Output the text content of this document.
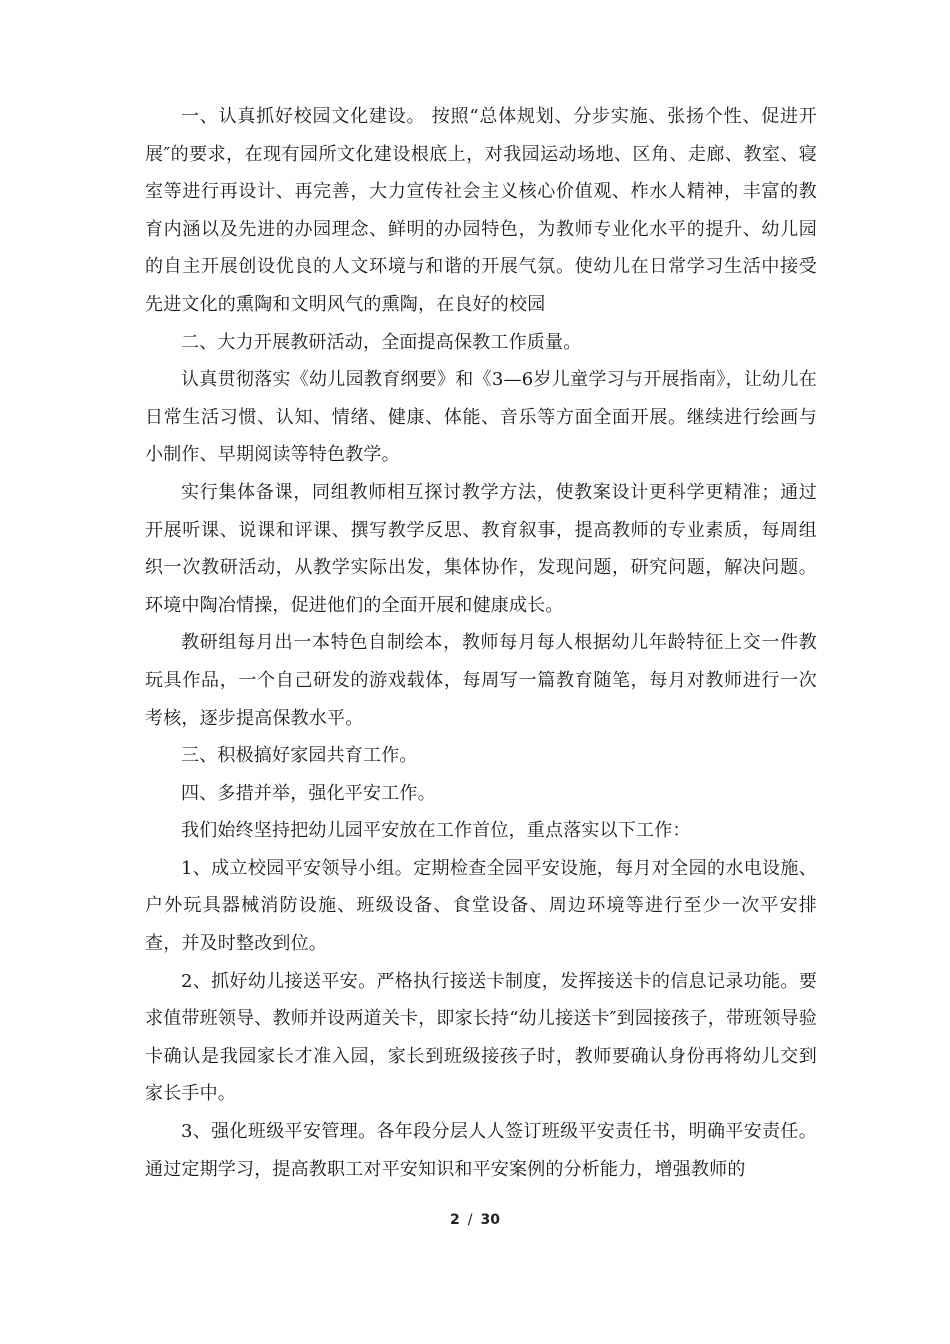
一、认真抓好校园文化建设。 按照“总体规划、分步实施、张扬个性、促进开展″的要求，在现有园所文化建设根底上，对我园运动场地、区角、走廊、教室、寝室等进行再设计、再完善，大力宣传社会主义核心价值观、柞水人精神，丰富的教育内涵以及先进的办园理念、鲜明的办园特色，为教师专业化水平的提升、幼儿园的自主开展创设优良的人文环境与和谐的开展气氛。使幼儿在日常学习生活中接受先进文化的熏陶和文明风气的熏陶，在良好的校园

二、大力开展教研活动，全面提高保教工作质量。

认真贯彻落实《幼儿园教育纲要》和《3—6岁儿童学习与开展指南》，让幼儿在日常生活习惯、认知、情绪、健康、体能、音乐等方面全面开展。继续进行绘画与小制作、早期阅读等特色教学。

实行集体备课，同组教师相互探讨教学方法，使教案设计更科学更精准；通过开展听课、说课和评课、撰写教学反思、教育叙事，提高教师的专业素质，每周组织一次教研活动，从教学实际出发，集体协作，发现问题，研究问题，解决问题。环境中陶冶情操，促进他们的全面开展和健康成长。

教研组每月出一本特色自制绘本，教师每月每人根据幼儿年龄特征上交一件教玩具作品，一个自己研发的游戏载体，每周写一篇教育随笔，每月对教师进行一次考核，逐步提高保教水平。

三、积极搞好家园共育工作。

四、多措并举，强化平安工作。

我们始终坚持把幼儿园平安放在工作首位，重点落实以下工作：

1、成立校园平安领导小组。定期检查全园平安设施，每月对全园的水电设施、户外玩具器械消防设施、班级设备、食堂设备、周边环境等进行至少一次平安排查，并及时整改到位。

2、抓好幼儿接送平安。严格执行接送卡制度，发挥接送卡的信息记录功能。要求值带班领导、教师并设两道关卡，即家长持“幼儿接送卡″到园接孩子，带班领导验卡确认是我园家长才准入园，家长到班级接孩子时，教师要确认身份再将幼儿交到家长手中。

3、强化班级平安管理。各年段分层人人签订班级平安责任书，明确平安责任。通过定期学习，提高教职工对平安知识和平安案例的分析能力，增强教师的

2 / 30
